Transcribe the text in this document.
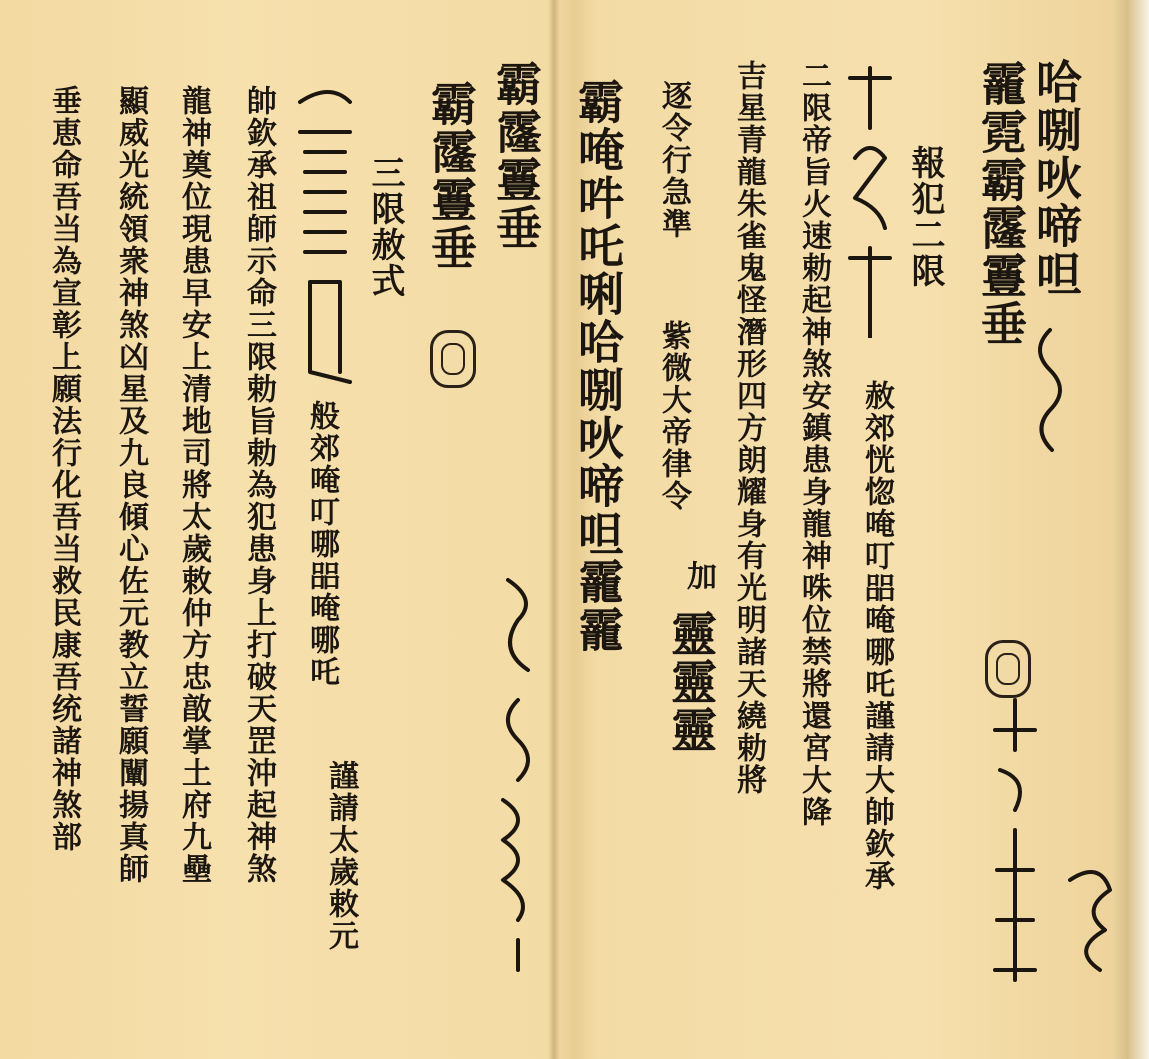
哈哵吙啼呾
靇霓霸霳霻垂
報犯二限
赦郊恍惚唵叮㗊唵哪吒謹請大帥欽承
二限帝旨火速勅起神煞安鎮患身龍神咮位禁將還宮大降
吉星青龍朱雀鬼怪潛形四方朗耀身有光明諸天繞勅將
逐令行急準
紫微大帝律令
加
靈靈靈
霸唵吽吒唎哈哵吙啼呾靇靇
霸霳霻垂
霸霳霻垂
三限赦式
般郊唵叮哪㗊唵哪吒
謹請太歲敕元
帥欽承祖師示命三限勅旨勅為犯患身上打破天罡沖起神煞
龍神奠位現患早安上清地司將太歲敕仲方忠㪟掌土府九壘
顯威光統領衆神煞凶星及九良傾心佐元教立誓願闡揚真師
垂恵命吾当為宣彰上願法行化吾当救民康吾统諸神煞部
